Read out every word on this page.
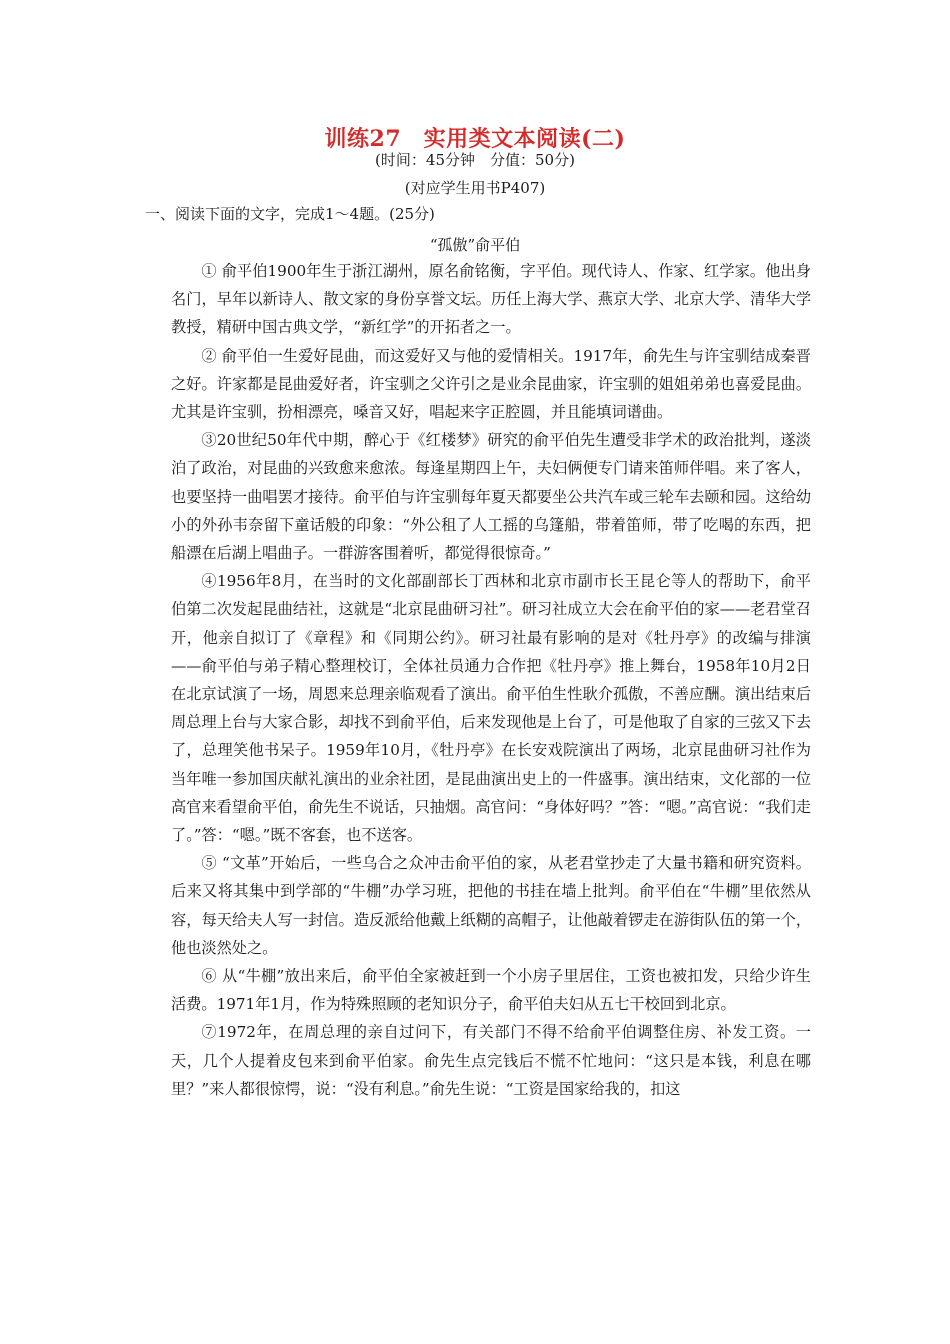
训练27　实用类文本阅读(二)
(时间：45分钟　分值：50分)
(对应学生用书P407)
一、阅读下面的文字，完成1～4题。(25分)
“孤傲”俞平伯

① 俞平伯1900年生于浙江湖州，原名俞铭衡，字平伯。现代诗人、作家、红学家。他出身名门，早年以新诗人、散文家的身份享誉文坛。历任上海大学、燕京大学、北京大学、清华大学教授，精研中国古典文学，“新红学”的开拓者之一。

② 俞平伯一生爱好昆曲，而这爱好又与他的爱情相关。1917年，俞先生与许宝驯结成秦晋之好。许家都是昆曲爱好者，许宝驯之父许引之是业余昆曲家，许宝驯的姐姐弟弟也喜爱昆曲。尤其是许宝驯，扮相漂亮，嗓音又好，唱起来字正腔圆，并且能填词谱曲。

③20世纪50年代中期，醉心于《红楼梦》研究的俞平伯先生遭受非学术的政治批判，遂淡泊了政治，对昆曲的兴致愈来愈浓。每逢星期四上午，夫妇俩便专门请来笛师伴唱。来了客人，也要坚持一曲唱罢才接待。俞平伯与许宝驯每年夏天都要坐公共汽车或三轮车去颐和园。这给幼小的外孙韦奈留下童话般的印象：“外公租了人工摇的乌篷船，带着笛师，带了吃喝的东西，把船漂在后湖上唱曲子。一群游客围着听，都觉得很惊奇。”

④1956年8月，在当时的文化部副部长丁西林和北京市副市长王昆仑等人的帮助下，俞平伯第二次发起昆曲结社，这就是“北京昆曲研习社”。研习社成立大会在俞平伯的家——老君堂召开，他亲自拟订了《章程》和《同期公约》。研习社最有影响的是对《牡丹亭》的改编与排演——俞平伯与弟子精心整理校订，全体社员通力合作把《牡丹亭》推上舞台，1958年10月2日在北京试演了一场，周恩来总理亲临观看了演出。俞平伯生性耿介孤傲，不善应酬。演出结束后周总理上台与大家合影，却找不到俞平伯，后来发现他是上台了，可是他取了自家的三弦又下去了，总理笑他书呆子。1959年10月，《牡丹亭》在长安戏院演出了两场，北京昆曲研习社作为当年唯一参加国庆献礼演出的业余社团，是昆曲演出史上的一件盛事。演出结束，文化部的一位高官来看望俞平伯，俞先生不说话，只抽烟。高官问：“身体好吗？”答：“嗯。”高官说：“我们走了。”答：“嗯。”既不客套，也不送客。

⑤ “文革”开始后，一些乌合之众冲击俞平伯的家，从老君堂抄走了大量书籍和研究资料。后来又将其集中到学部的“牛棚”办学习班，把他的书挂在墙上批判。俞平伯在“牛棚”里依然从容，每天给夫人写一封信。造反派给他戴上纸糊的高帽子，让他敲着锣走在游街队伍的第一个，他也淡然处之。

⑥ 从“牛棚”放出来后，俞平伯全家被赶到一个小房子里居住，工资也被扣发，只给少许生活费。1971年1月，作为特殊照顾的老知识分子，俞平伯夫妇从五七干校回到北京。

⑦1972年，在周总理的亲自过问下，有关部门不得不给俞平伯调整住房、补发工资。一天，几个人提着皮包来到俞平伯家。俞先生点完钱后不慌不忙地问：“这只是本钱，利息在哪里？”来人都很惊愕，说：“没有利息。”俞先生说：“工资是国家给我的，扣这
